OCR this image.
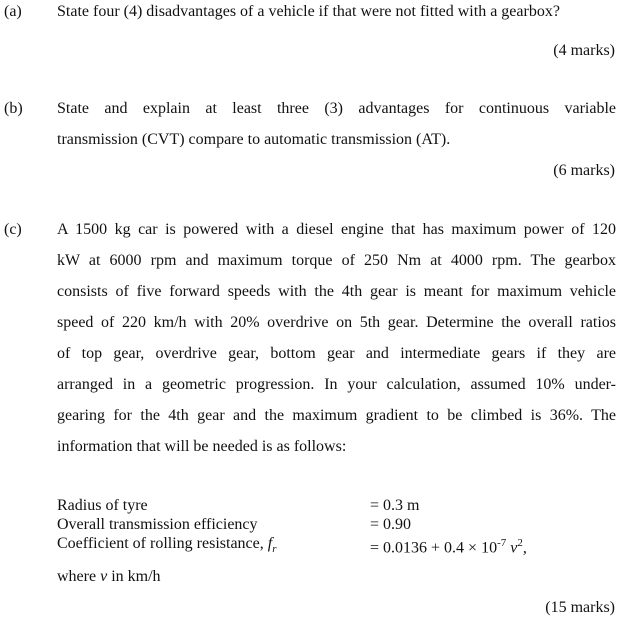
(a) State four (4) disadvantages of a vehicle if that were not fitted with a gearbox?
(4 marks)
(b) State and explain at least three (3) advantages for continuous variable
transmission (CVT) compare to automatic transmission (AT).
(6 marks)
(c) A 1500 kg car is powered with a diesel engine that has maximum power of 120
kW at 6000 rpm and maximum torque of 250 Nm at 4000 rpm. The gearbox
consists of five forward speeds with the 4th gear is meant for maximum vehicle
speed of 220 km/h with 20% overdrive on 5th gear. Determine the overall ratios
of top gear, overdrive gear, bottom gear and intermediate gears if they are
arranged in a geometric progression. In your calculation, assumed 10% under-
gearing for the 4th gear and the maximum gradient to be climbed is 36%. The
information that will be needed is as follows:
Radius of tyre	= 0.3 m
Overall transmission efficiency	= 0.90
Coefficient of rolling resistance, $f_r$	= $0.0136 + 0.4 \times 10^{-7}$ $v^2$,
where v in km/h
(15 marks)
